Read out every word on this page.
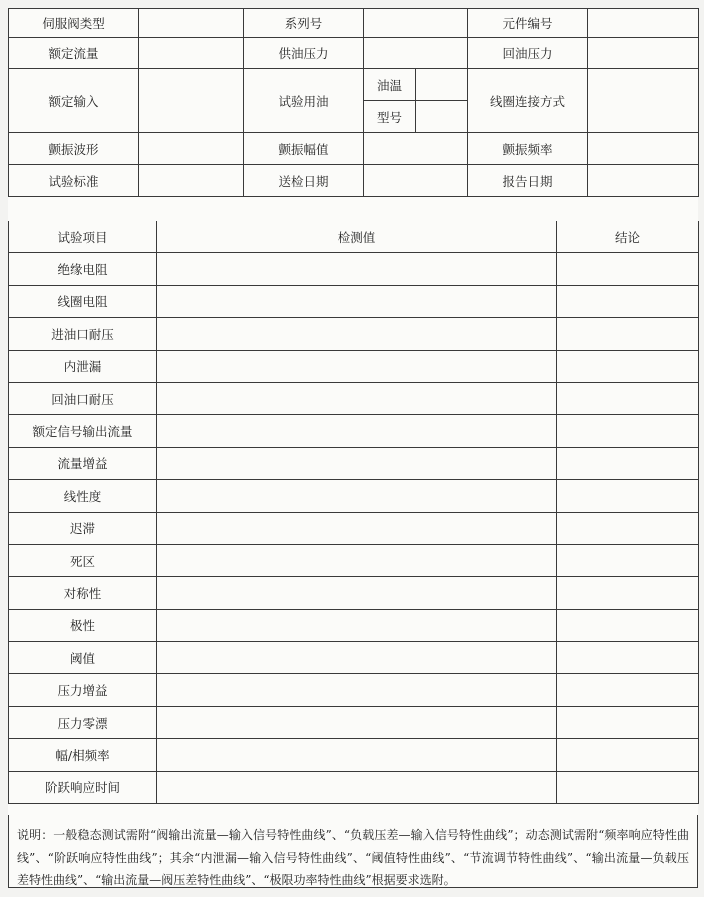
伺服阀类型		系列号			元件编号	
额定流量		供油压力			回油压力	
额定输入		试验用油	油温		线圈连接方式	
			型号			
颤振波形		颤振幅值			颤振频率	
试验标准		送检日期			报告日期	
试验项目	检测值	结论
绝缘电阻		
线圈电阻		
进油口耐压		
内泄漏		
回油口耐压		
额定信号输出流量		
流量增益		
线性度		
迟滞		
死区		
对称性		
极性		
阈值		
压力增益		
压力零漂		
幅/相频率		
阶跃响应时间		
说明：一般稳态测试需附“阀输出流量—输入信号特性曲线”、“负载压差—输入信号特性曲线”；动态测试需附“频率响应特性曲线”、“阶跃响应特性曲线”；其余“内泄漏—输入信号特性曲线”、“阈值特性曲线”、“节流调节特性曲线”、“输出流量—负载压差特性曲线”、“输出流量—阀压差特性曲线”、“极限功率特性曲线”根据要求选附。
